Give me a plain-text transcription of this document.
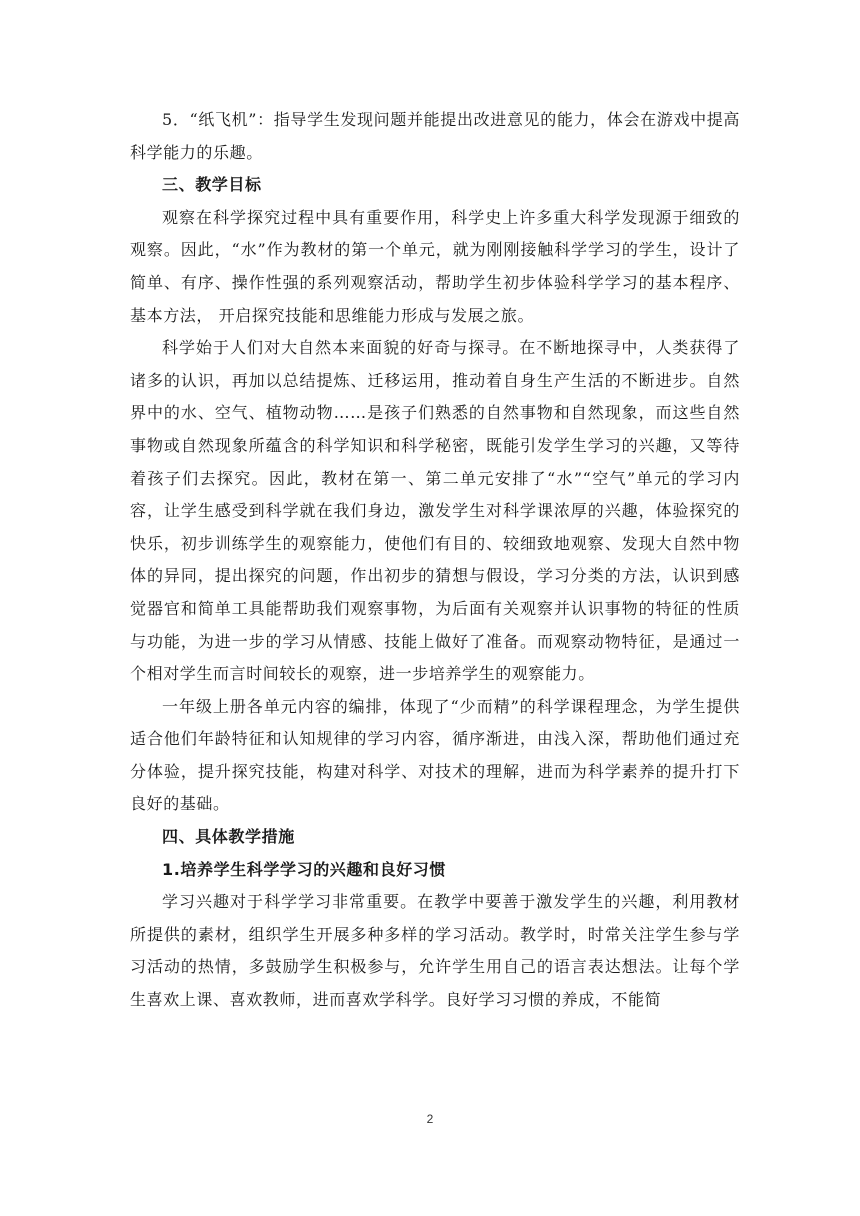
5．“纸飞机”：指导学生发现问题并能提出改进意见的能力，体会在游戏中提高科学能力的乐趣。

三、教学目标

观察在科学探究过程中具有重要作用，科学史上许多重大科学发现源于细致的观察。因此，“水”作为教材的第一个单元，就为刚刚接触科学学习的学生，设计了简单、有序、操作性强的系列观察活动，帮助学生初步体验科学学习的基本程序、 基本方法， 开启探究技能和思维能力形成与发展之旅。

科学始于人们对大自然本来面貌的好奇与探寻。在不断地探寻中，人类获得了诸多的认识，再加以总结提炼、迁移运用，推动着自身生产生活的不断进步。自然界中的水、空气、植物动物……是孩子们熟悉的自然事物和自然现象，而这些自然事物或自然现象所蕴含的科学知识和科学秘密，既能引发学生学习的兴趣，又等待着孩子们去探究。因此，教材在第一、第二单元安排了“水”“空气”单元的学习内容，让学生感受到科学就在我们身边，激发学生对科学课浓厚的兴趣，体验探究的快乐，初步训练学生的观察能力，使他们有目的、较细致地观察、发现大自然中物体的异同，提出探究的问题，作出初步的猜想与假设，学习分类的方法，认识到感觉器官和简单工具能帮助我们观察事物，为后面有关观察并认识事物的特征的性质与功能，为进一步的学习从情感、技能上做好了准备。而观察动物特征，是通过一个相对学生而言时间较长的观察，进一步培养学生的观察能力。

一年级上册各单元内容的编排，体现了“少而精”的科学课程理念，为学生提供适合他们年龄特征和认知规律的学习内容，循序渐进，由浅入深，帮助他们通过充分体验，提升探究技能，构建对科学、对技术的理解，进而为科学素养的提升打下良好的基础。

四、具体教学措施

1.培养学生科学学习的兴趣和良好习惯

学习兴趣对于科学学习非常重要。在教学中要善于激发学生的兴趣，利用教材所提供的素材，组织学生开展多种多样的学习活动。教学时，时常关注学生参与学习活动的热情，多鼓励学生积极参与，允许学生用自己的语言表达想法。让每个学生喜欢上课、喜欢教师，进而喜欢学科学。良好学习习惯的养成，不能简

2
